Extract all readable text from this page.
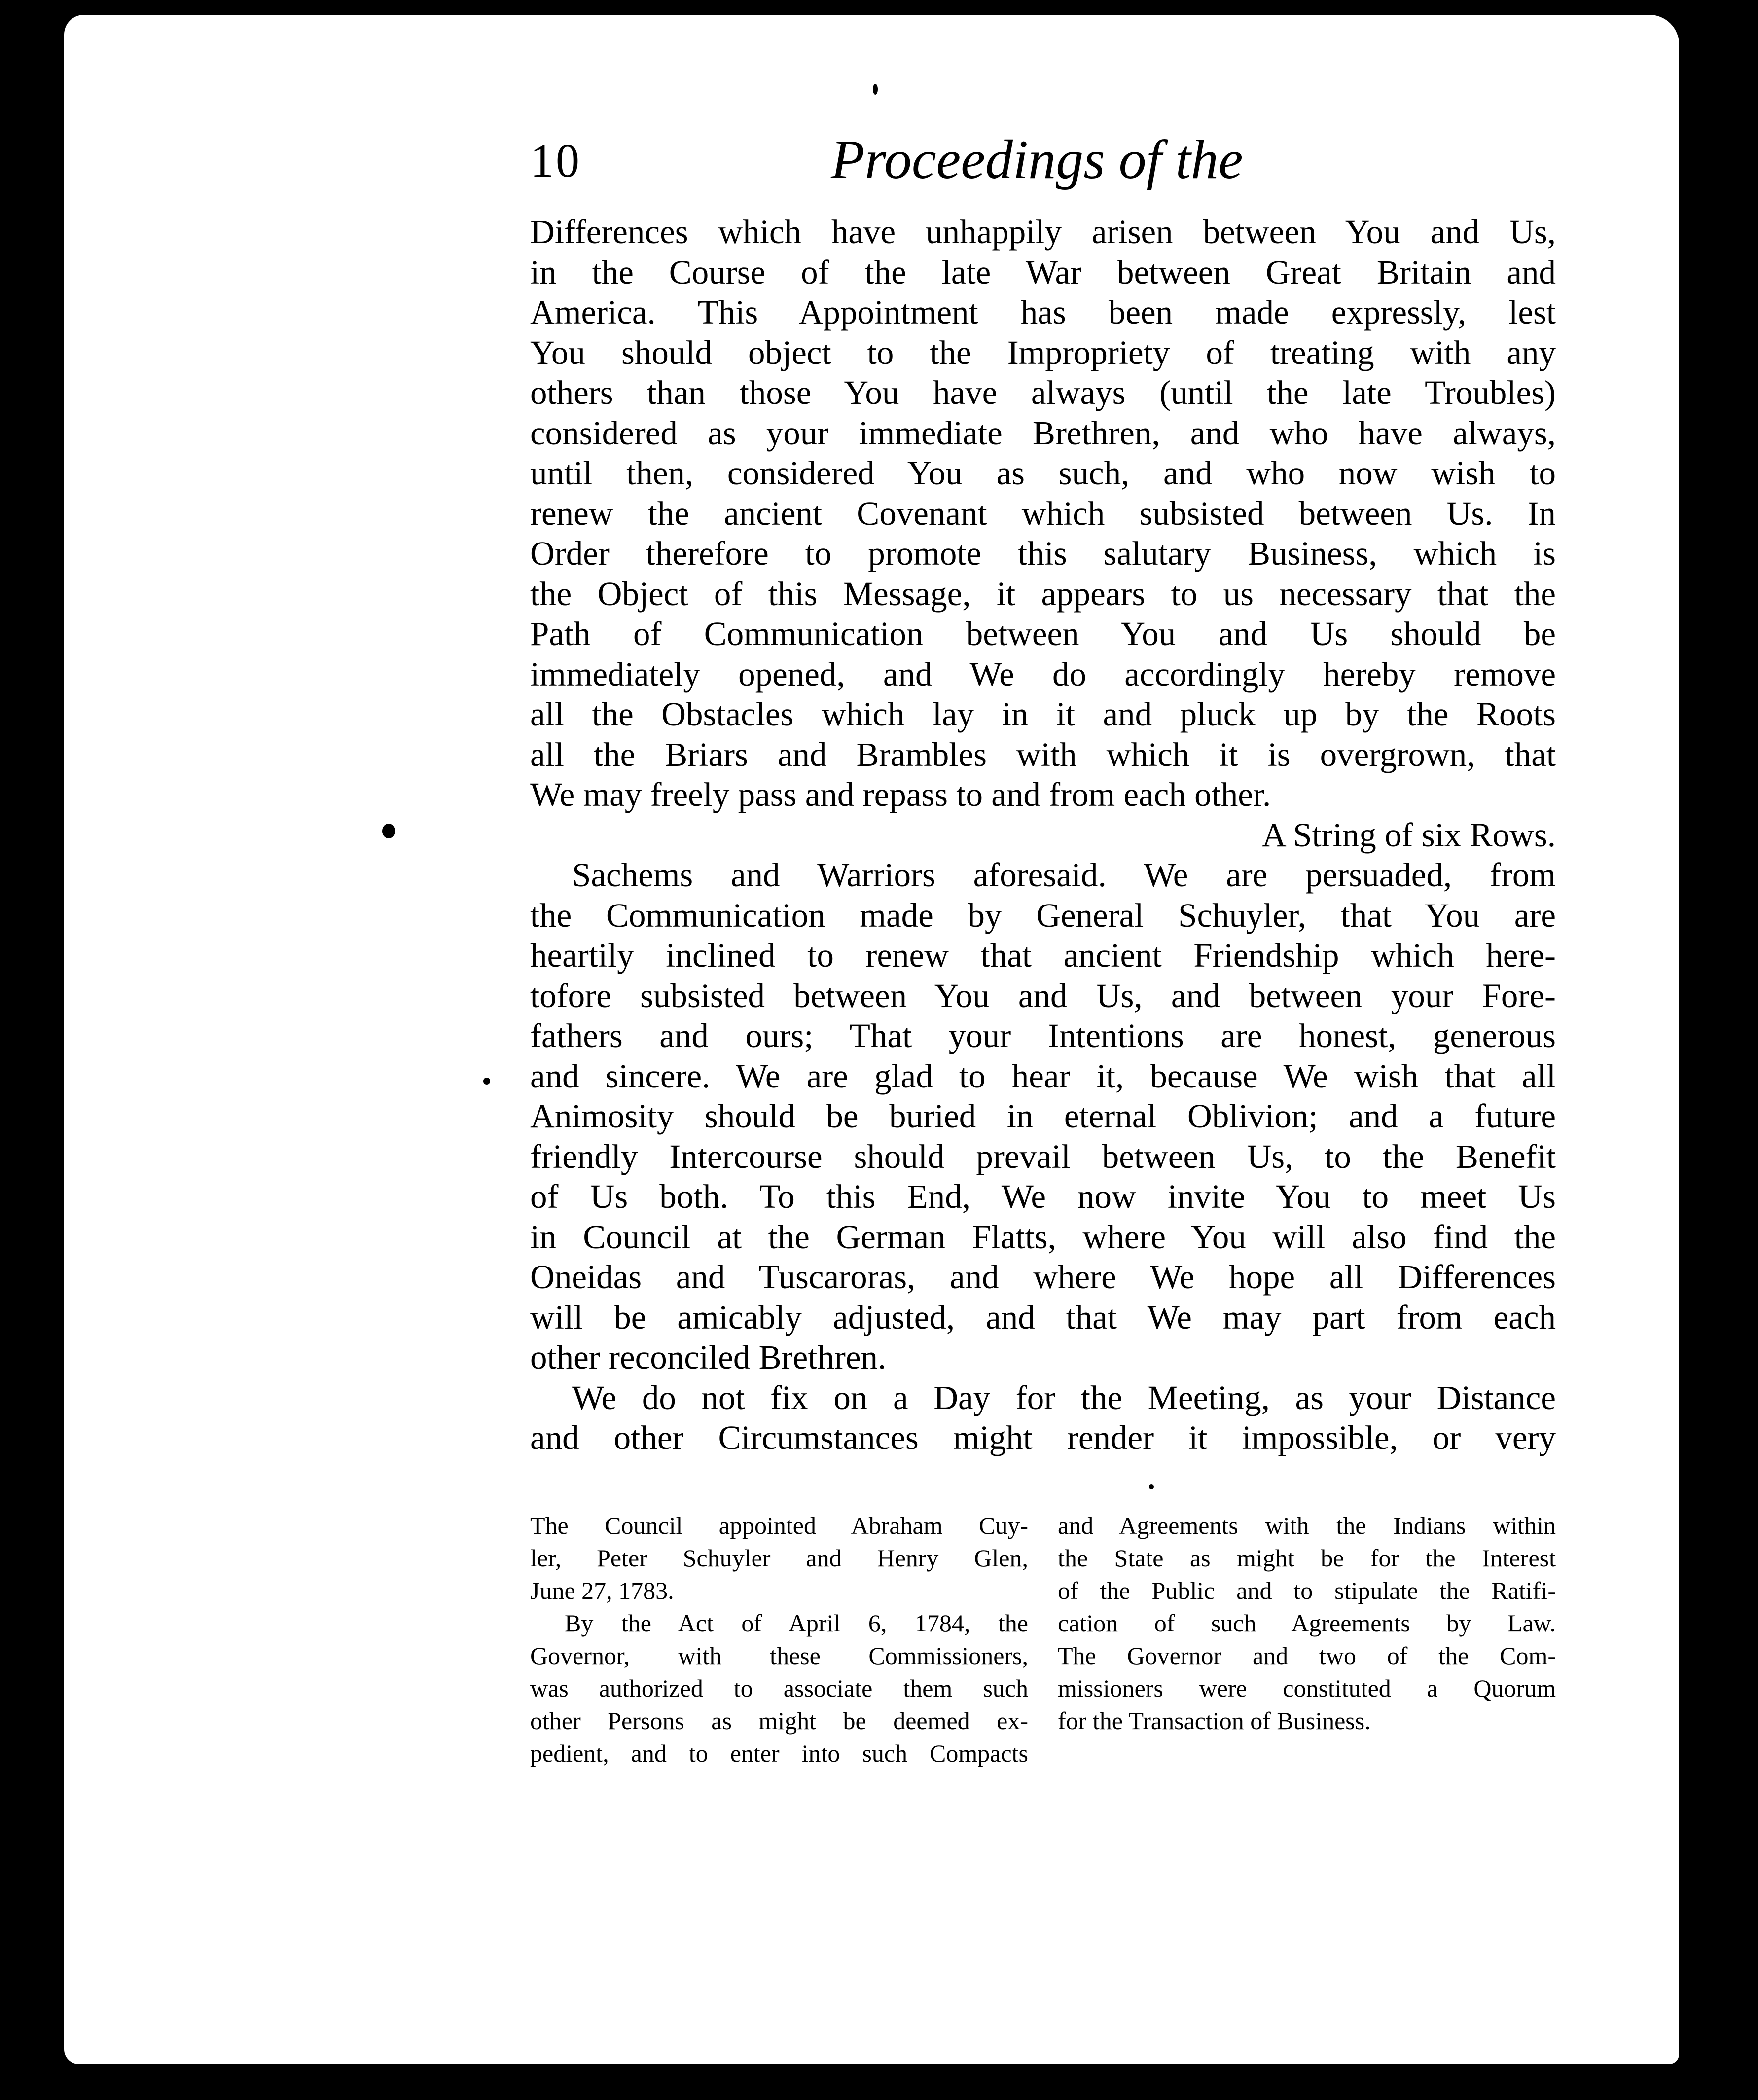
10	Proceedings of the
Differences which have unhappily arisen between You and Us,
in the Course of the late War between Great Britain and
America. This Appointment has been made expressly, lest
You should object to the Impropriety of treating with any
others than those You have always (until the late Troubles)
considered as your immediate Brethren, and who have always,
until then, considered You as such, and who now wish to
renew the ancient Covenant which subsisted between Us. In
Order therefore to promote this salutary Business, which is
the Object of this Message, it appears to us necessary that the
Path of Communication between You and Us should be
immediately opened, and We do accordingly hereby remove
all the Obstacles which lay in it and pluck up by the Roots
all the Briars and Brambles with which it is overgrown, that
We may freely pass and repass to and from each other.
A String of six Rows.
Sachems and Warriors aforesaid. We are persuaded, from
the Communication made by General Schuyler, that You are
heartily inclined to renew that ancient Friendship which here-
tofore subsisted between You and Us, and between your Fore-
fathers and ours; That your Intentions are honest, generous
and sincere. We are glad to hear it, because We wish that all
Animosity should be buried in eternal Oblivion; and a future
friendly Intercourse should prevail between Us, to the Benefit
of Us both. To this End, We now invite You to meet Us
in Council at the German Flatts, where You will also find the
Oneidas and Tuscaroras, and where We hope all Differences
will be amicably adjusted, and that We may part from each
other reconciled Brethren.
We do not fix on a Day for the Meeting, as your Distance
and other Circumstances might render it impossible, or very
The Council appointed Abraham Cuy-
ler, Peter Schuyler and Henry Glen,
June 27, 1783.
By the Act of April 6, 1784, the
Governor, with these Commissioners,
was authorized to associate them such
other Persons as might be deemed ex-
pedient, and to enter into such Compacts
and Agreements with the Indians within
the State as might be for the Interest
of the Public and to stipulate the Ratifi-
cation of such Agreements by Law.
The Governor and two of the Com-
missioners were constituted a Quorum
for the Transaction of Business.
